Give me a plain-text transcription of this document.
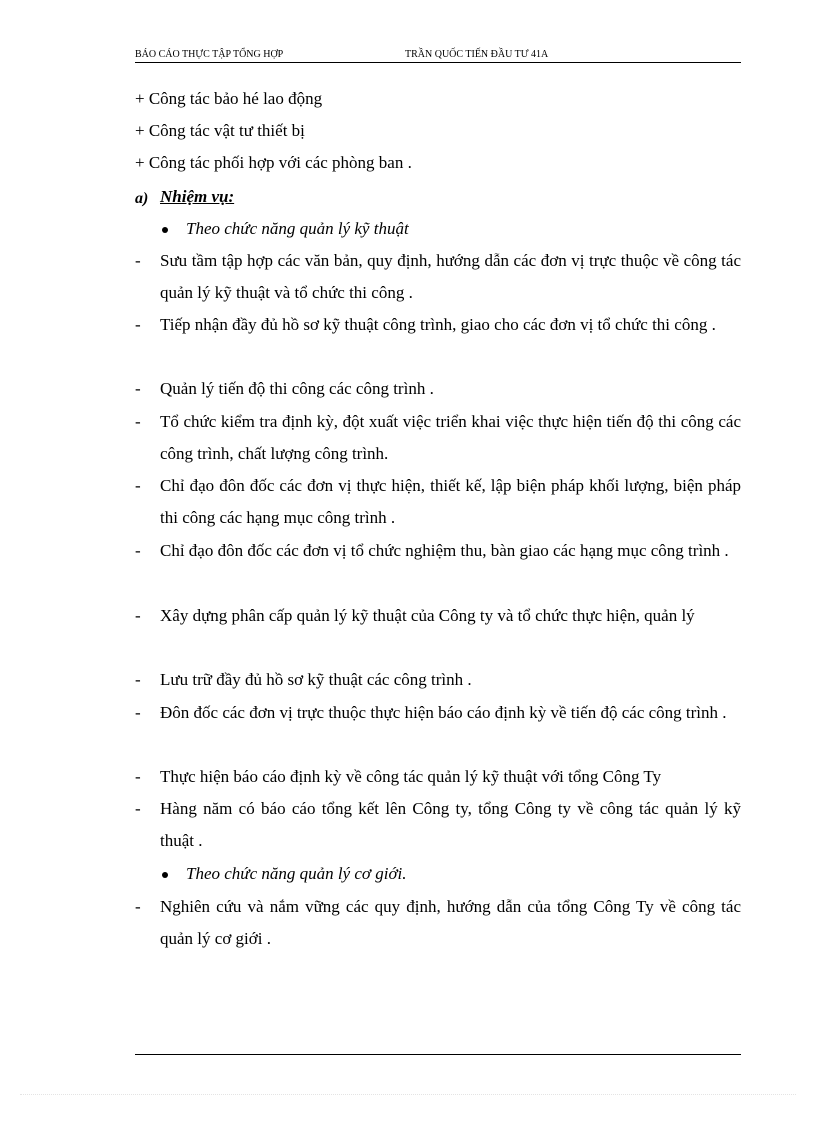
BÁO CÁO THỰC TẬP TỔNG HỢP	TRẦN QUỐC TIẾN ĐẦU TƯ 41A
+ Công tác bảo hé lao động
+ Công tác vật tư thiết bị
+ Công tác phối hợp với các phòng ban .
a) Nhiệm vụ:
Theo chức năng quản lý kỹ thuật
- Sưu tầm tập hợp các văn bản, quy định, hướng dẫn các đơn vị trực thuộc về công tác quản lý kỹ thuật và tổ chức thi công .
- Tiếp nhận đầy đủ hồ sơ kỹ thuật công trình, giao cho các đơn vị tổ chức thi công .
- Quản lý tiến độ thi công các công trình .
- Tổ chức kiểm tra định kỳ, đột xuất việc triển khai việc thực hiện tiến độ thi công các công trình, chất lượng công trình.
- Chỉ đạo đôn đốc các đơn vị thực hiện, thiết kế, lập biện pháp khối lượng, biện pháp thi công các hạng mục công trình .
- Chỉ đạo đôn đốc các đơn vị tổ chức nghiệm thu, bàn giao các hạng mục công trình .
- Xây dựng phân cấp quản lý kỹ thuật của Công ty và tổ chức thực hiện, quản lý
- Lưu trữ đầy đủ hồ sơ kỹ thuật các công trình .
- Đôn đốc các đơn vị trực thuộc thực hiện báo cáo định kỳ về tiến độ các công trình .
- Thực hiện báo cáo định kỳ về công tác quản lý kỹ thuật với tổng Công Ty
- Hàng năm có báo cáo tổng kết lên Công ty, tổng Công ty về công tác quản lý kỹ thuật .
Theo chức năng quản lý cơ giới.
- Nghiên cứu và nắm vững các quy định, hướng dẫn của tổng Công Ty về công tác quản lý cơ giới .
